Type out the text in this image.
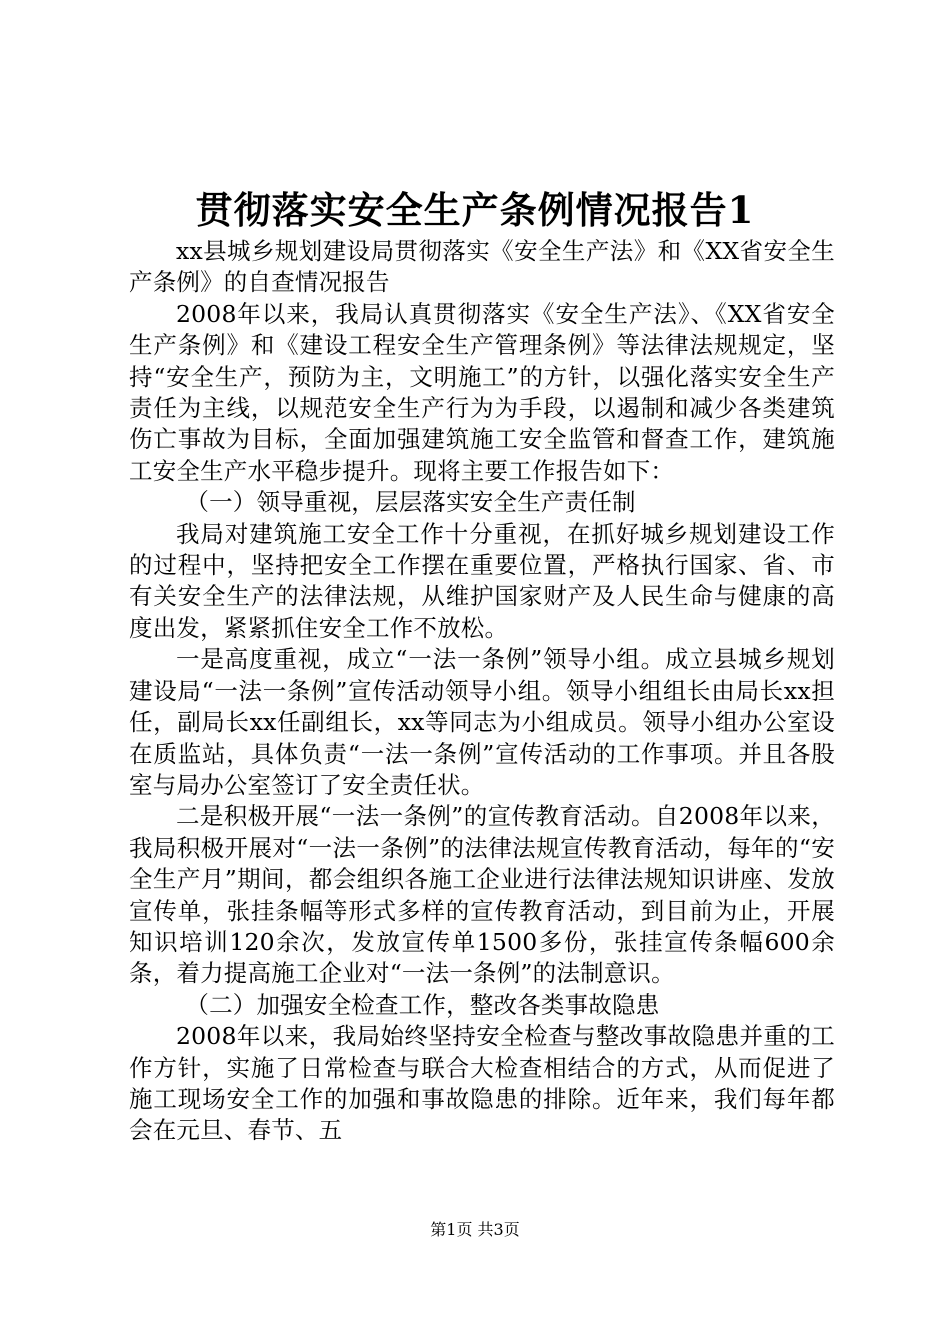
贯彻落实安全生产条例情况报告1

xx县城乡规划建设局贯彻落实《安全生产法》和《XX省安全生产条例》的自查情况报告

2008年以来，我局认真贯彻落实《安全生产法》、《XX省安全生产条例》和《建设工程安全生产管理条例》等法律法规规定，坚持“安全生产，预防为主，文明施工”的方针，以强化落实安全生产责任为主线，以规范安全生产行为为手段，以遏制和减少各类建筑伤亡事故为目标，全面加强建筑施工安全监管和督查工作，建筑施工安全生产水平稳步提升。现将主要工作报告如下：

（一）领导重视，层层落实安全生产责任制

我局对建筑施工安全工作十分重视，在抓好城乡规划建设工作的过程中，坚持把安全工作摆在重要位置，严格执行国家、省、市有关安全生产的法律法规，从维护国家财产及人民生命与健康的高度出发，紧紧抓住安全工作不放松。

一是高度重视，成立“一法一条例”领导小组。成立县城乡规划建设局“一法一条例”宣传活动领导小组。领导小组组长由局长xx担任，副局长xx任副组长，xx等同志为小组成员。领导小组办公室设在质监站，具体负责“一法一条例”宣传活动的工作事项。并且各股室与局办公室签订了安全责任状。

二是积极开展“一法一条例”的宣传教育活动。自2008年以来，我局积极开展对“一法一条例”的法律法规宣传教育活动，每年的“安全生产月”期间，都会组织各施工企业进行法律法规知识讲座、发放宣传单，张挂条幅等形式多样的宣传教育活动，到目前为止，开展知识培训120余次，发放宣传单1500多份，张挂宣传条幅600余条，着力提高施工企业对“一法一条例”的法制意识。

（二）加强安全检查工作，整改各类事故隐患

2008年以来，我局始终坚持安全检查与整改事故隐患并重的工作方针，实施了日常检查与联合大检查相结合的方式，从而促进了施工现场安全工作的加强和事故隐患的排除。近年来，我们每年都会在元旦、春节、五

第1页 共3页
